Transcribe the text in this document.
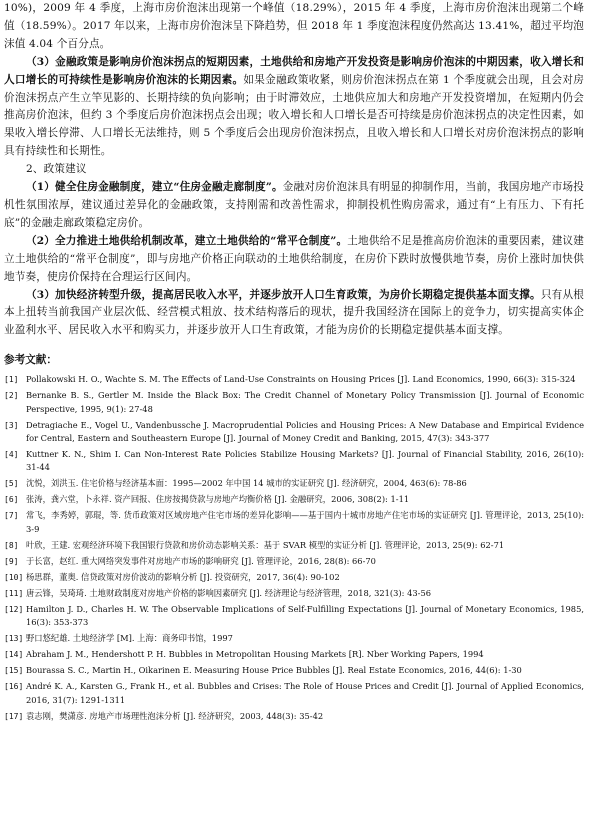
10%)，2009 年 4 季度，上海市房价泡沫出现第一个峰值（18.29%），2015 年 4 季度，上海市房价泡沫出现第二个峰值（18.59%）。2017 年以来，上海市房价泡沫呈下降趋势，但 2018 年 1 季度泡沫程度仍然高达 13.41%，超过平均泡沫值 4.04 个百分点。

（3）金融政策是影响房价泡沫拐点的短期因素，土地供给和房地产开发投资是影响房价泡沫的中期因素，收入增长和人口增长的可持续性是影响房价泡沫的长期因素。如果金融政策收紧，则房价泡沫拐点在第 1 个季度就会出现，且会对房价泡沫拐点产生立竿见影的、长期持续的负向影响；由于时滞效应，土地供应加大和房地产开发投资增加，在短期内仍会推高房价泡沫，但约 3 个季度后房价泡沫拐点会出现；收入增长和人口增长是否可持续是房价泡沫拐点的决定性因素，如果收入增长停滞、人口增长无法维持，则 5 个季度后会出现房价泡沫拐点，且收入增长和人口增长对房价泡沫拐点的影响具有持续性和长期性。

2、政策建议

（1）健全住房金融制度，建立“住房金融走廊制度”。金融对房价泡沫具有明显的抑制作用，当前，我国房地产市场投机性氛围浓厚，建议通过差异化的金融政策，支持刚需和改善性需求，抑制投机性购房需求，通过有“上有压力、下有托底”的金融走廊政策稳定房价。

（2）全力推进土地供给机制改革，建立土地供给的“常平仓制度”。土地供给不足是推高房价泡沫的重要因素，建议建立土地供给的“常平仓制度”，即与房地产价格正向联动的土地供给制度，在房价下跌时放慢供地节奏，房价上涨时加快供地节奏，使房价保持在合理运行区间内。

（3）加快经济转型升级，提高居民收入水平，并逐步放开人口生育政策，为房价长期稳定提供基本面支撑。只有从根本上扭转当前我国产业层次低、经营模式粗放、技术结构落后的现状，提升我国经济在国际上的竞争力，切实提高实体企业盈利水平、居民收入水平和购买力，并逐步放开人口生育政策，才能为房价的长期稳定提供基本面支撑。

参考文献：
[1] Pollakowski H. O., Wachte S. M. The Effects of Land-Use Constraints on Housing Prices [J]. Land Economics, 1990, 66(3): 315-324
[2] Bernanke B. S., Gertler M. Inside the Black Box: The Credit Channel of Monetary Policy Transmission [J]. Journal of Economic Perspective, 1995, 9(1): 27-48
[3] Detragiache E., Vogel U., Vandenbussche J. Macroprudential Policies and Housing Prices: A New Database and Empirical Evidence for Central, Eastern and Southeastern Europe [J]. Journal of Money Credit and Banking, 2015, 47(3): 343-377
[4] Kuttner K. N., Shim I. Can Non-Interest Rate Policies Stabilize Housing Markets? [J]. Journal of Financial Stability, 2016, 26(10): 31-44
[5] 沈悦，刘洪玉. 住宅价格与经济基本面：1995—2002 年中国 14 城市的实证研究 [J]. 经济研究，2004, 463(6): 78-86
[6] 张涛，龚六堂，卜永祥. 资产回报、住房按揭贷款与房地产均衡价格 [J]. 金融研究，2006, 308(2): 1-11
[7] 常飞，李秀婷，郭琨，等. 货币政策对区域房地产住宅市场的差异化影响——基于国内十城市房地产住宅市场的实证研究 [J]. 管理评论，2013, 25(10): 3-9
[8] 叶欣，王建. 宏观经济环境下我国银行贷款和房价动态影响关系：基于 SVAR 模型的实证分析 [J]. 管理评论，2013, 25(9): 62-71
[9] 于长富，赵红. 重大网络突发事件对房地产市场的影响研究 [J]. 管理评论，2016, 28(8): 66-70
[10] 杨思群，董奥. 信贷政策对房价波动的影响分析 [J]. 投资研究，2017, 36(4): 90-102
[11] 唐云锋，吴琦琦. 土地财政制度对房地产价格的影响因素研究 [J]. 经济理论与经济管理，2018, 321(3): 43-56
[12] Hamilton J. D., Charles H. W. The Observable Implications of Self-Fulfilling Expectations [J]. Journal of Monetary Economics, 1985, 16(3): 353-373
[13] 野口悠纪雄. 土地经济学 [M]. 上海：商务印书馆，1997
[14] Abraham J. M., Hendershott P. H. Bubbles in Metropolitan Housing Markets [R]. Nber Working Papers, 1994
[15] Bourassa S. C., Martin H., Oikarinen E. Measuring House Price Bubbles [J]. Real Estate Economics, 2016, 44(6): 1-30
[16] André K. A., Karsten G., Frank H., et al. Bubbles and Crises: The Role of House Prices and Credit [J]. Journal of Applied Economics, 2016, 31(7): 1291-1311
[17] 袁志刚，樊潇彦. 房地产市场理性泡沫分析 [J]. 经济研究，2003, 448(3): 35-42
